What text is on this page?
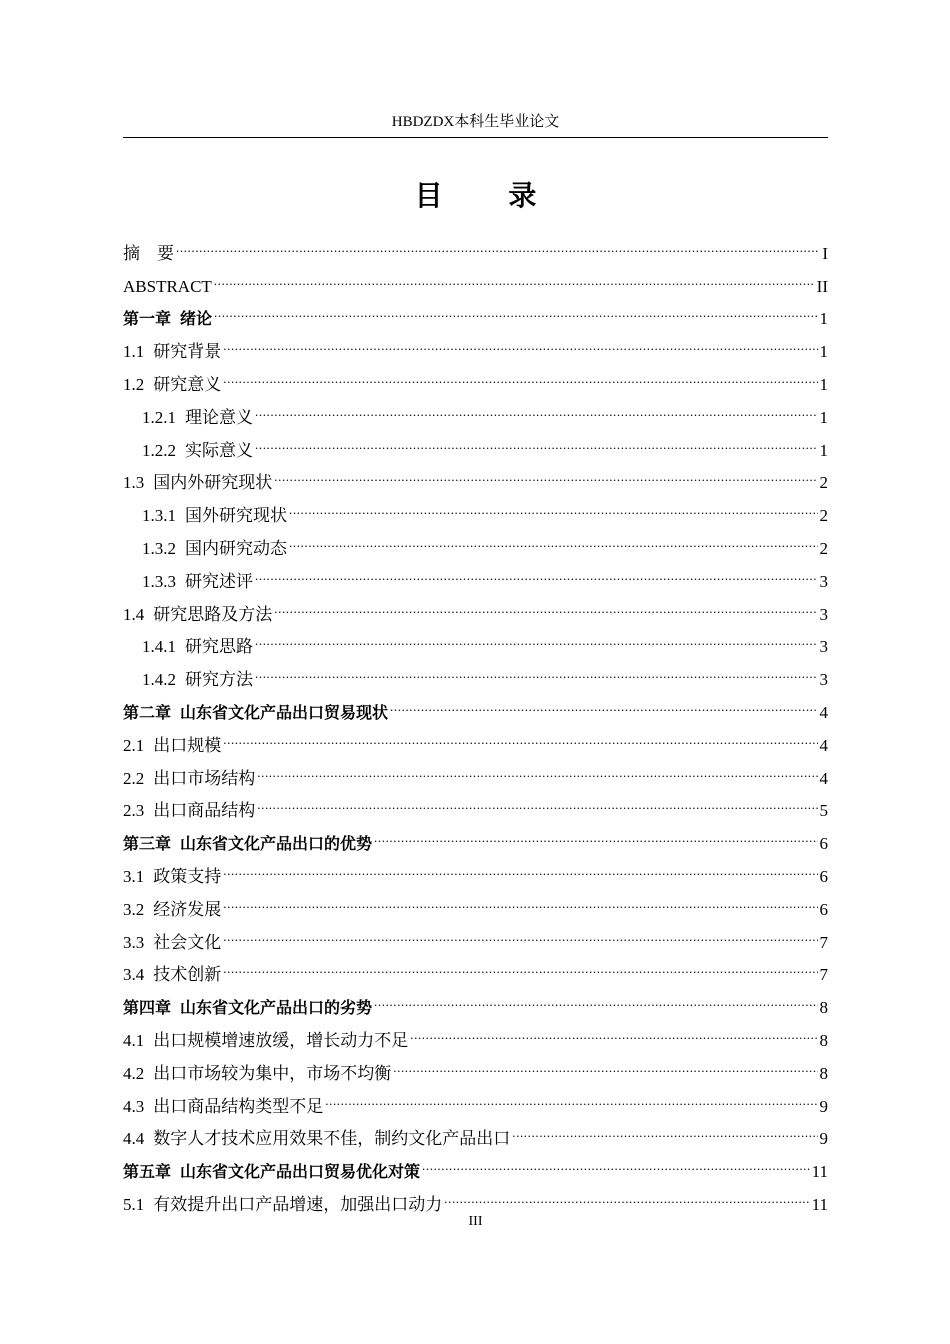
HBDZDX本科生毕业论文
目 录
摘　要 .....	I
ABSTRACT .....	II
第一章 绪论 .....	1
1.1 研究背景 .....	1
1.2 研究意义 .....	1
1.2.1 理论意义 .....	1
1.2.2 实际意义 .....	1
1.3 国内外研究现状 .....	2
1.3.1 国外研究现状 .....	2
1.3.2 国内研究动态 .....	2
1.3.3 研究述评 .....	3
1.4 研究思路及方法 .....	3
1.4.1 研究思路 .....	3
1.4.2 研究方法 .....	3
第二章 山东省文化产品出口贸易现状 .....	4
2.1 出口规模 .....	4
2.2 出口市场结构 .....	4
2.3 出口商品结构 .....	5
第三章 山东省文化产品出口的优势 .....	6
3.1 政策支持 .....	6
3.2 经济发展 .....	6
3.3 社会文化 .....	7
3.4 技术创新 .....	7
第四章 山东省文化产品出口的劣势 .....	8
4.1 出口规模增速放缓，增长动力不足 .....	8
4.2 出口市场较为集中，市场不均衡 .....	8
4.3 出口商品结构类型不足 .....	9
4.4 数字人才技术应用效果不佳，制约文化产品出口 .....	9
第五章 山东省文化产品出口贸易优化对策 .....	11
5.1 有效提升出口产品增速，加强出口动力 .....	11
III
